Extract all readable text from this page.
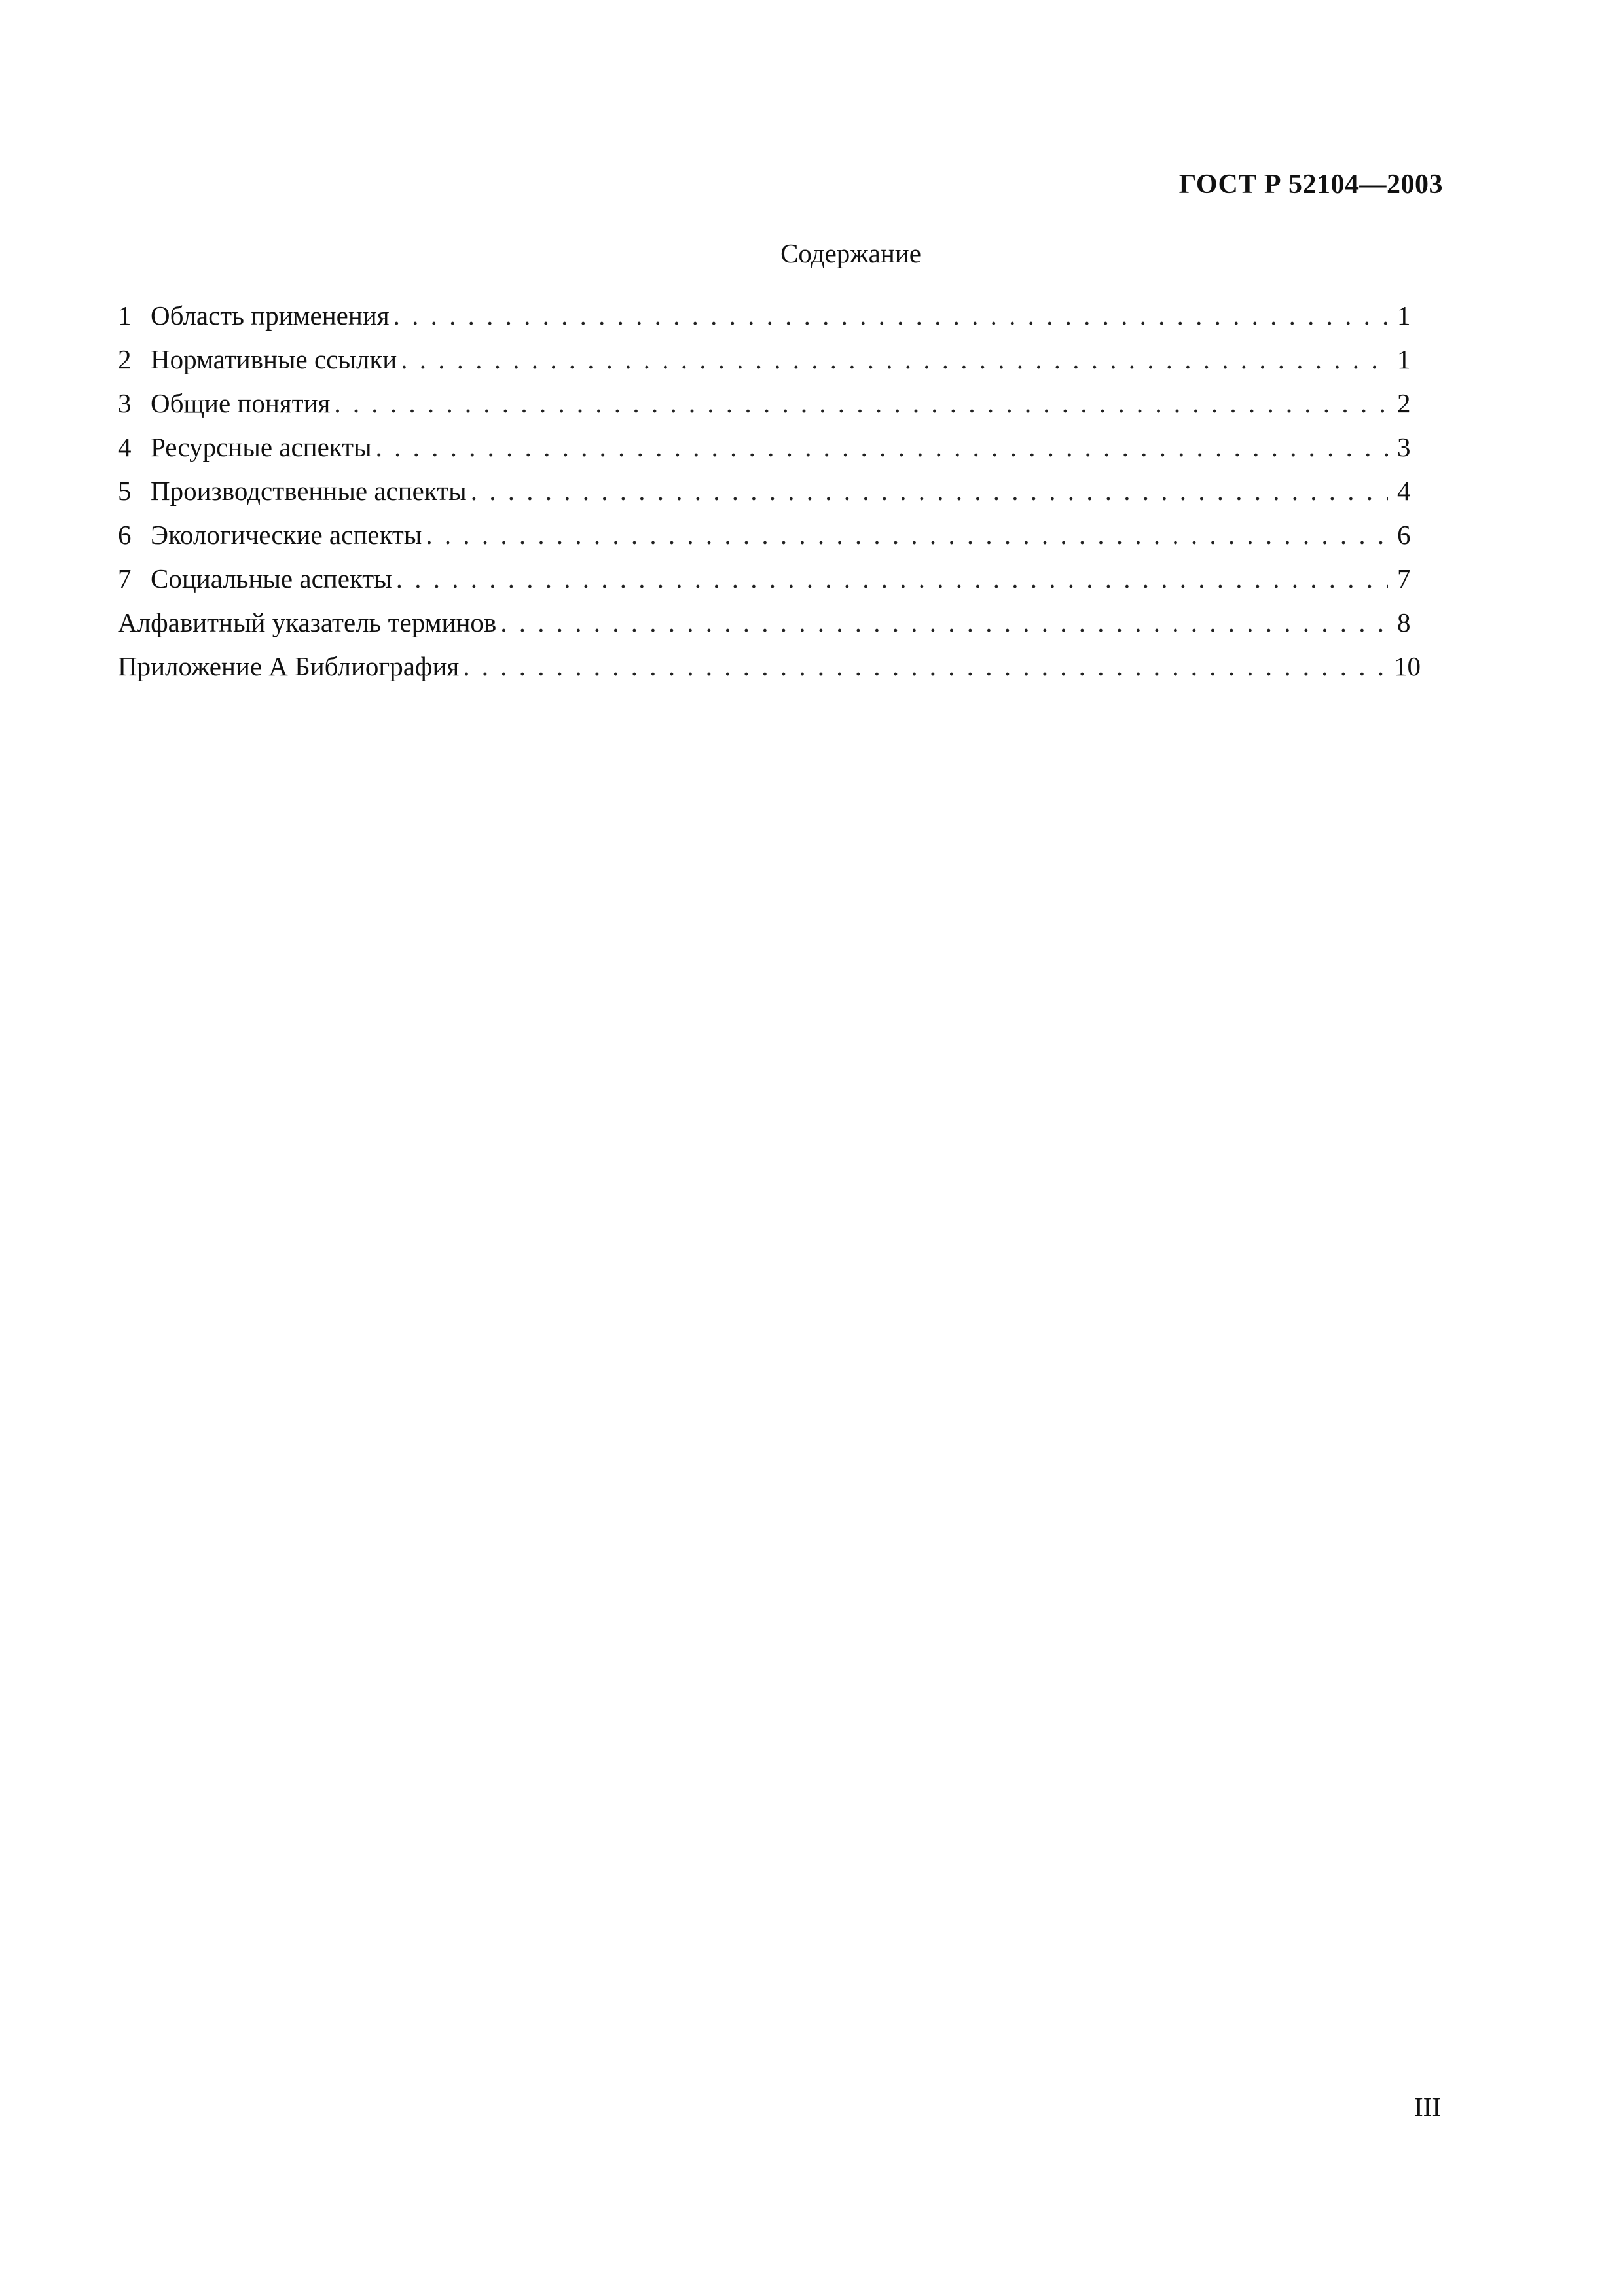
ГОСТ Р 52104—2003
Содержание
1 Область применения . . .	1
2 Нормативные ссылки . . .	1
3 Общие понятия . . .	2
4 Ресурсные аспекты . . .	3
5 Производственные аспекты . . .	4
6 Экологические аспекты . . .	6
7 Социальные аспекты . . .	7
Алфавитный указатель терминов . . .	8
Приложение А Библиография . . .	10
III
